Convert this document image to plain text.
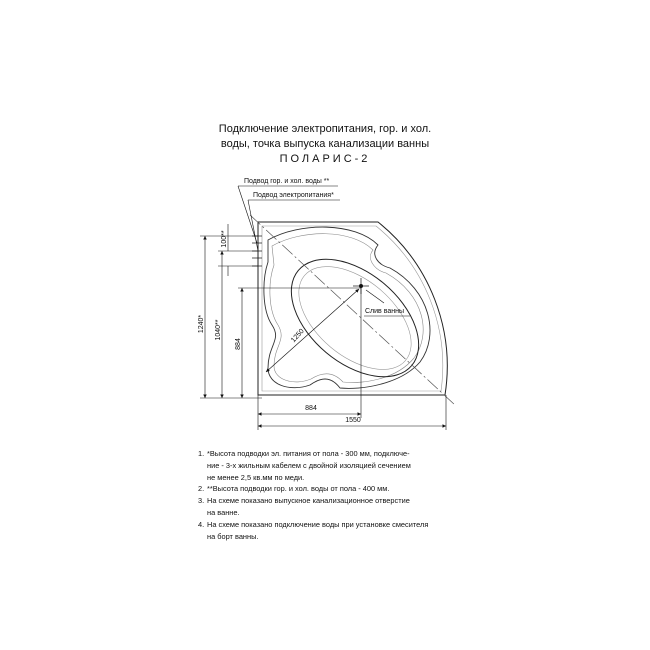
Подключение электропитания, гор. и хол.
воды, точка выпуска канализации ванны
ПОЛАРИС-2
Слив ванны
Подвод гор. и хол. воды **
Подвод электропитания*
1240* 1040**
100**
884
884
1550
1250
1. *Высота подводки эл. питания от пола - 300 мм, подключе-
ние - 3-х жильным кабелем с двойной изоляцией сечением
не менее 2,5 кв.мм по меди.
2. **Высота подводки гор. и хол. воды от пола - 400 мм.
3. На схеме показано выпускное канализационное отверстие
на ванне.
4. На схеме показано подключение воды при установке смесителя
на борт ванны.
